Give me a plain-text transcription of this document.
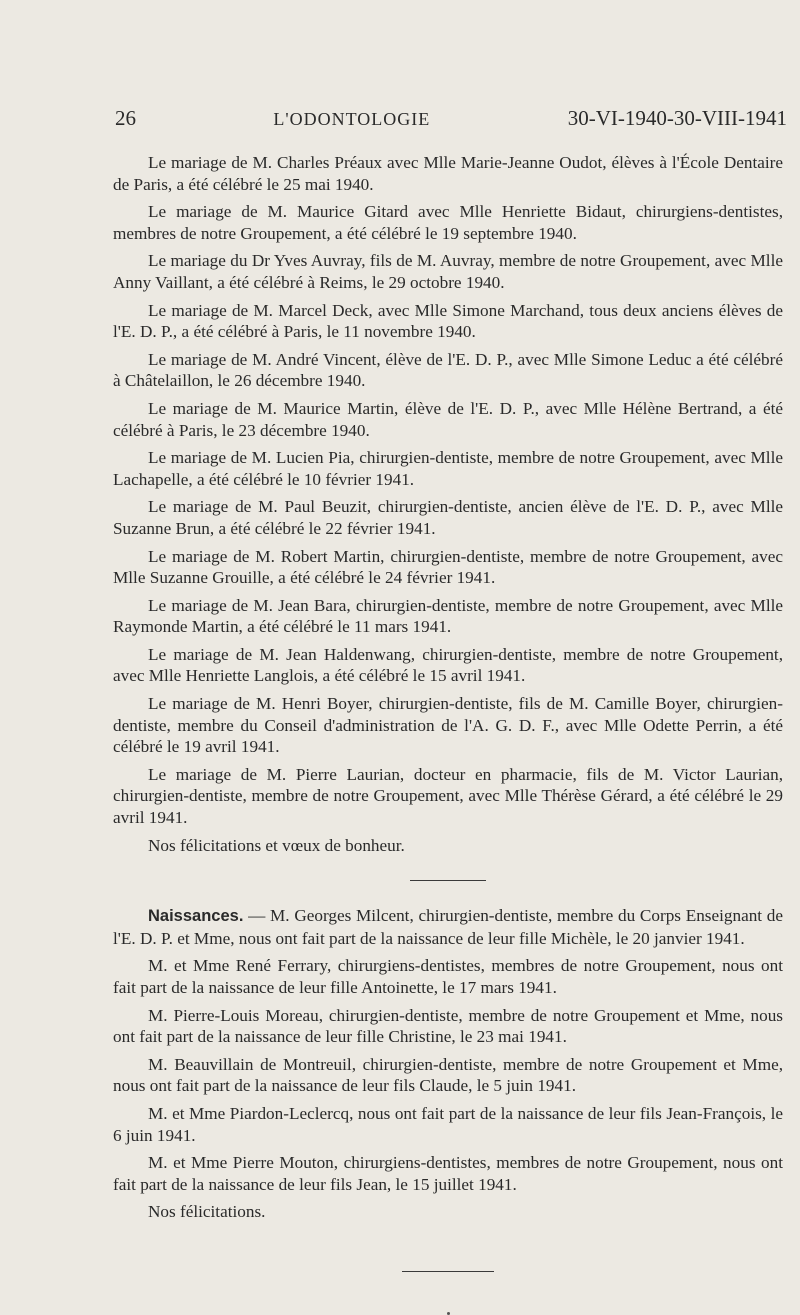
26	L'ODONTOLOGIE	30-VI-1940-30-VIII-1941

Le mariage de M. Charles Préaux avec Mlle Marie-Jeanne Oudot, élèves à l'École Dentaire de Paris, a été célébré le 25 mai 1940.

Le mariage de M. Maurice Gitard avec Mlle Henriette Bidaut, chirurgiens-dentistes, membres de notre Groupement, a été célébré le 19 septembre 1940.

Le mariage du Dr Yves Auvray, fils de M. Auvray, membre de notre Groupement, avec Mlle Anny Vaillant, a été célébré à Reims, le 29 octobre 1940.

Le mariage de M. Marcel Deck, avec Mlle Simone Marchand, tous deux anciens élèves de l'E. D. P., a été célébré à Paris, le 11 novembre 1940.

Le mariage de M. André Vincent, élève de l'E. D. P., avec Mlle Simone Leduc a été célébré à Châtelaillon, le 26 décembre 1940.

Le mariage de M. Maurice Martin, élève de l'E. D. P., avec Mlle Hélène Bertrand, a été célébré à Paris, le 23 décembre 1940.

Le mariage de M. Lucien Pia, chirurgien-dentiste, membre de notre Groupement, avec Mlle Lachapelle, a été célébré le 10 février 1941.

Le mariage de M. Paul Beuzit, chirurgien-dentiste, ancien élève de l'E. D. P., avec Mlle Suzanne Brun, a été célébré le 22 février 1941.

Le mariage de M. Robert Martin, chirurgien-dentiste, membre de notre Groupement, avec Mlle Suzanne Grouille, a été célébré le 24 février 1941.

Le mariage de M. Jean Bara, chirurgien-dentiste, membre de notre Groupement, avec Mlle Raymonde Martin, a été célébré le 11 mars 1941.

Le mariage de M. Jean Haldenwang, chirurgien-dentiste, membre de notre Groupement, avec Mlle Henriette Langlois, a été célébré le 15 avril 1941.

Le mariage de M. Henri Boyer, chirurgien-dentiste, fils de M. Camille Boyer, chirurgien-dentiste, membre du Conseil d'administration de l'A. G. D. F., avec Mlle Odette Perrin, a été célébré le 19 avril 1941.

Le mariage de M. Pierre Laurian, docteur en pharmacie, fils de M. Victor Laurian, chirurgien-dentiste, membre de notre Groupement, avec Mlle Thérèse Gérard, a été célébré le 29 avril 1941.

Nos félicitations et vœux de bonheur.

Naissances. — M. Georges Milcent, chirurgien-dentiste, membre du Corps Enseignant de l'E. D. P. et Mme, nous ont fait part de la naissance de leur fille Michèle, le 20 janvier 1941.

M. et Mme René Ferrary, chirurgiens-dentistes, membres de notre Groupement, nous ont fait part de la naissance de leur fille Antoinette, le 17 mars 1941.

M. Pierre-Louis Moreau, chirurgien-dentiste, membre de notre Groupement et Mme, nous ont fait part de la naissance de leur fille Christine, le 23 mai 1941.

M. Beauvillain de Montreuil, chirurgien-dentiste, membre de notre Groupement et Mme, nous ont fait part de la naissance de leur fils Claude, le 5 juin 1941.

M. et Mme Piardon-Leclercq, nous ont fait part de la naissance de leur fils Jean-François, le 6 juin 1941.

M. et Mme Pierre Mouton, chirurgiens-dentistes, membres de notre Groupement, nous ont fait part de la naissance de leur fils Jean, le 15 juillet 1941.

Nos félicitations.
